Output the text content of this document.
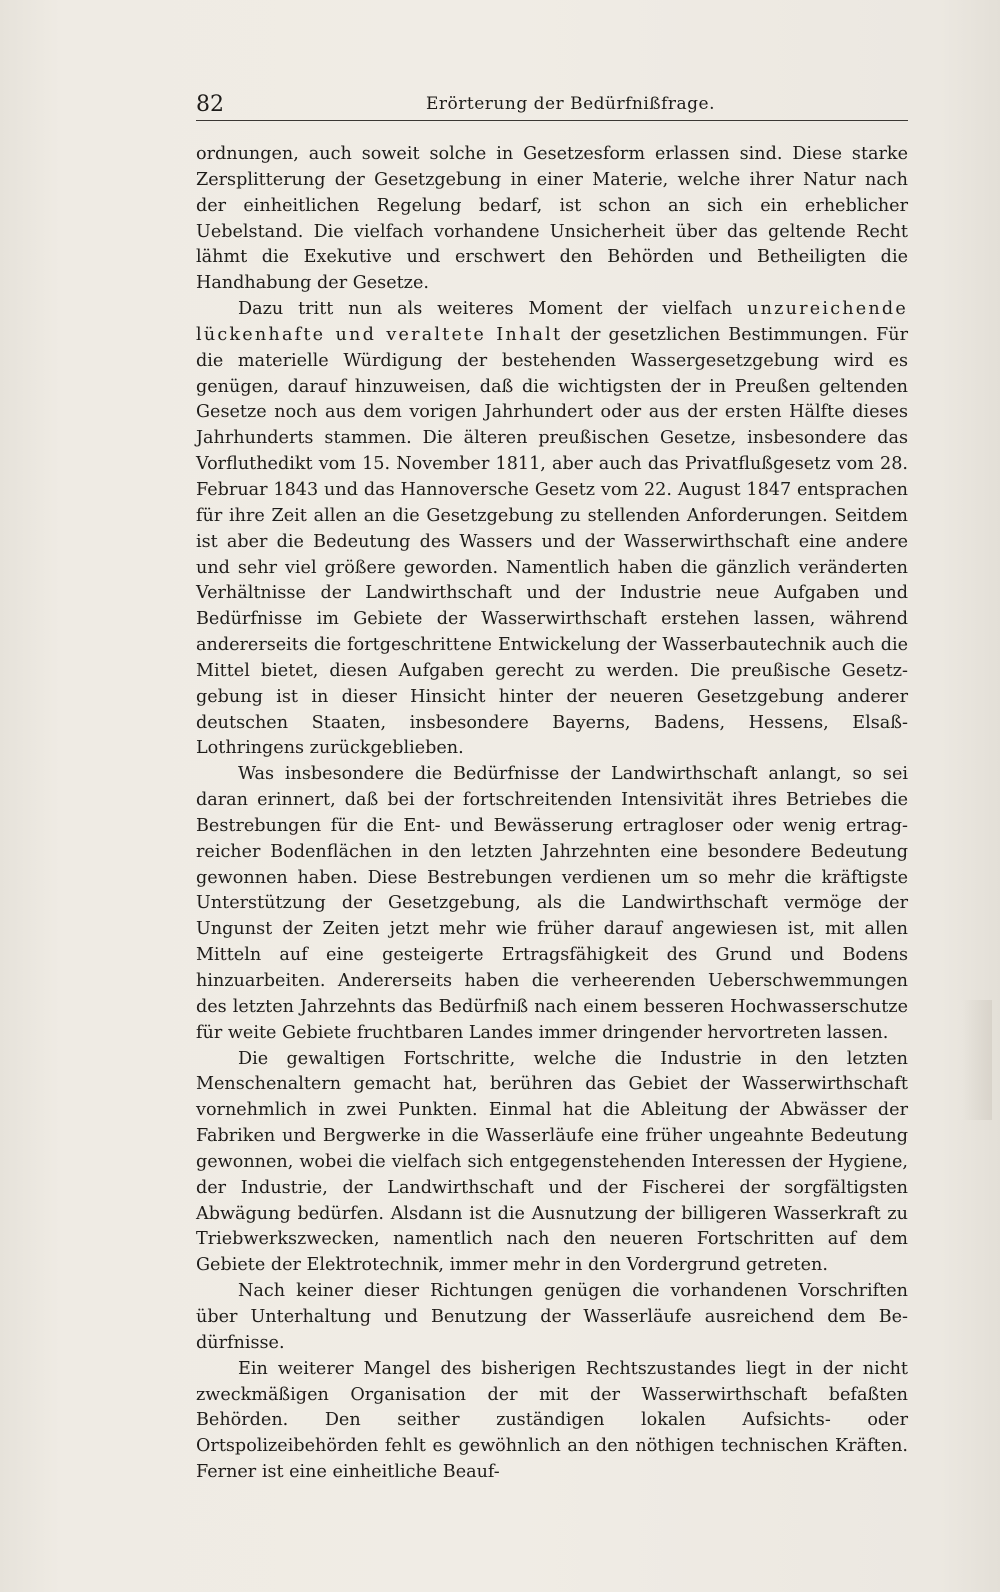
82	Erörterung der Bedürfnißfrage.

ordnungen, auch soweit solche in Gesetzesform erlassen sind. Diese starke Zersplitterung der Gesetzgebung in einer Materie, welche ihrer Natur nach der einheitlichen Regelung bedarf, ist schon an sich ein erheblicher Uebelstand. Die vielfach vorhandene Unsicherheit über das geltende Recht lähmt die Exekutive und erschwert den Behörden und Betheiligten die Handhabung der Gesetze.

Dazu tritt nun als weiteres Moment der vielfach unzureichende lückenhafte und veraltete Inhalt der gesetzlichen Bestimmungen. Für die materielle Würdigung der bestehenden Wassergesetzgebung wird es genügen, darauf hinzuweisen, daß die wichtigsten der in Preußen geltenden Gesetze noch aus dem vorigen Jahrhundert oder aus der ersten Hälfte dieses Jahrhunderts stammen. Die älteren preußischen Gesetze, insbesondere das Vorfluthedikt vom 15. November 1811, aber auch das Privatflußgesetz vom 28. Februar 1843 und das Hannoversche Gesetz vom 22. August 1847 entsprachen für ihre Zeit allen an die Gesetzgebung zu stellenden Anforderungen. Seitdem ist aber die Bedeutung des Wassers und der Wasserwirthschaft eine andere und sehr viel größere geworden. Namentlich haben die gänzlich veränderten Verhältnisse der Landwirthschaft und der Industrie neue Aufgaben und Bedürfnisse im Gebiete der Wasserwirthschaft erstehen lassen, während andererseits die fortgeschrittene Entwickelung der Wasserbautechnik auch die Mittel bietet, diesen Aufgaben gerecht zu werden. Die preußische Gesetzgebung ist in dieser Hinsicht hinter der neueren Gesetzgebung anderer deutschen Staaten, insbesondere Bayerns, Badens, Hessens, Elsaß-Lothringens zurückgeblieben.

Was insbesondere die Bedürfnisse der Landwirthschaft anlangt, so sei daran erinnert, daß bei der fortschreitenden Intensivität ihres Betriebes die Bestrebungen für die Ent- und Bewässerung ertragloser oder wenig ertragreicher Bodenflächen in den letzten Jahrzehnten eine besondere Bedeutung gewonnen haben. Diese Bestrebungen verdienen um so mehr die kräftigste Unterstützung der Gesetzgebung, als die Landwirthschaft vermöge der Ungunst der Zeiten jetzt mehr wie früher darauf angewiesen ist, mit allen Mitteln auf eine gesteigerte Ertragsfähigkeit des Grund und Bodens hinzuarbeiten. Andererseits haben die verheerenden Ueberschwemmungen des letzten Jahrzehnts das Bedürfniß nach einem besseren Hochwasserschutze für weite Gebiete fruchtbaren Landes immer dringender hervortreten lassen.

Die gewaltigen Fortschritte, welche die Industrie in den letzten Menschenaltern gemacht hat, berühren das Gebiet der Wasserwirthschaft vornehmlich in zwei Punkten. Einmal hat die Ableitung der Abwässer der Fabriken und Bergwerke in die Wasserläufe eine früher ungeahnte Bedeutung gewonnen, wobei die vielfach sich entgegenstehenden Interessen der Hygiene, der Industrie, der Landwirthschaft und der Fischerei der sorgfältigsten Abwägung bedürfen. Alsdann ist die Ausnutzung der billigeren Wasserkraft zu Triebwerkszwecken, namentlich nach den neueren Fortschritten auf dem Gebiete der Elektrotechnik, immer mehr in den Vordergrund getreten.

Nach keiner dieser Richtungen genügen die vorhandenen Vorschriften über Unterhaltung und Benutzung der Wasserläufe ausreichend dem Bedürfnisse.

Ein weiterer Mangel des bisherigen Rechtszustandes liegt in der nicht zweckmäßigen Organisation der mit der Wasserwirthschaft befaßten Behörden. Den seither zuständigen lokalen Aufsichts- oder Ortspolizeibehörden fehlt es gewöhnlich an den nöthigen technischen Kräften. Ferner ist eine einheitliche Beauf-
